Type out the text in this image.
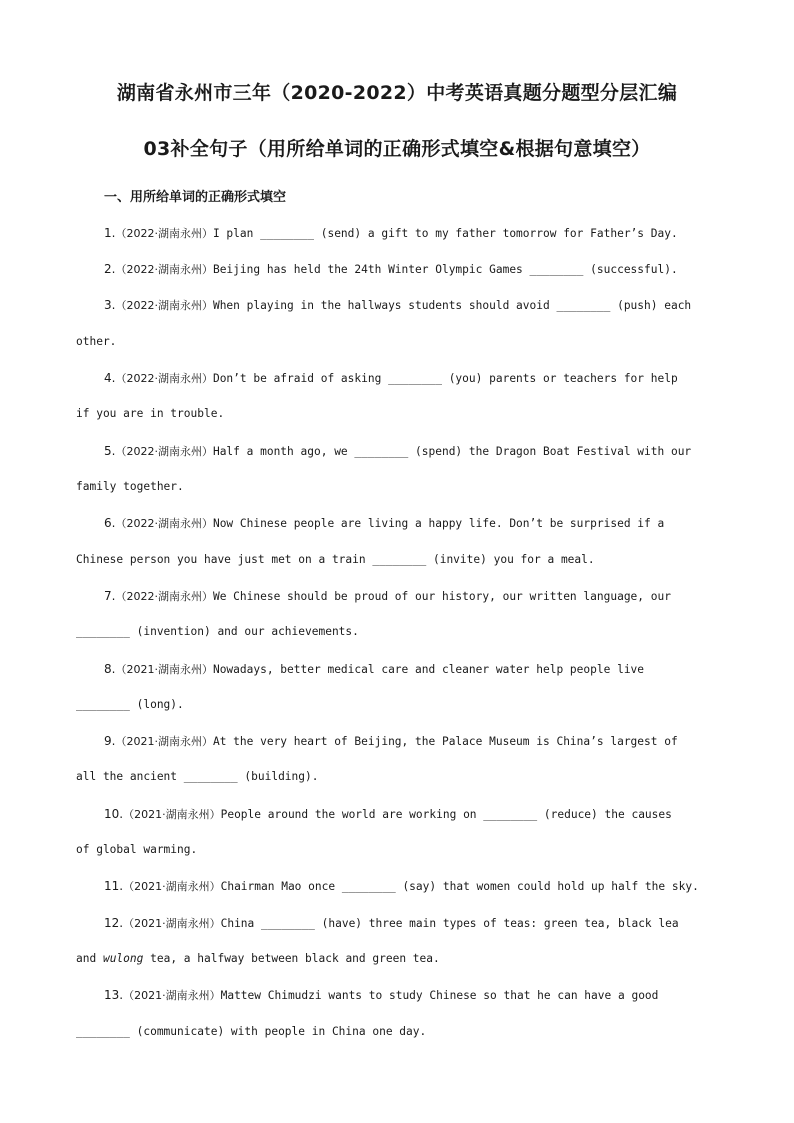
湖南省永州市三年（2020-2022）中考英语真题分题型分层汇编
03补全句子（用所给单词的正确形式填空&根据句意填空）
一、用所给单词的正确形式填空
1.（2022·湖南永州）I plan ________ (send) a gift to my father tomorrow for Father’s Day.
2.（2022·湖南永州）Beijing has held the 24th Winter Olympic Games ________ (successful).
3.（2022·湖南永州）When playing in the hallways students should avoid ________ (push) each
other.
4.（2022·湖南永州）Don’t be afraid of asking ________ (you) parents or teachers for help
if you are in trouble.
5.（2022·湖南永州）Half a month ago, we ________ (spend) the Dragon Boat Festival with our
family together.
6.（2022·湖南永州）Now Chinese people are living a happy life. Don’t be surprised if a
Chinese person you have just met on a train ________ (invite) you for a meal.
7.（2022·湖南永州）We Chinese should be proud of our history, our written language, our
________ (invention) and our achievements.
8.（2021·湖南永州）Nowadays, better medical care and cleaner water help people live
________ (long).
9.（2021·湖南永州）At the very heart of Beijing, the Palace Museum is China’s largest of
all the ancient ________ (building).
10.（2021·湖南永州）People around the world are working on ________ (reduce) the causes
of global warming.
11.（2021·湖南永州）Chairman Mao once ________ (say) that women could hold up half the sky.
12.（2021·湖南永州）China ________ (have) three main types of teas: green tea, black lea
and wulong tea, a halfway between black and green tea.
13.（2021·湖南永州）Mattew Chimudzi wants to study Chinese so that he can have a good
________ (communicate) with people in China one day.
